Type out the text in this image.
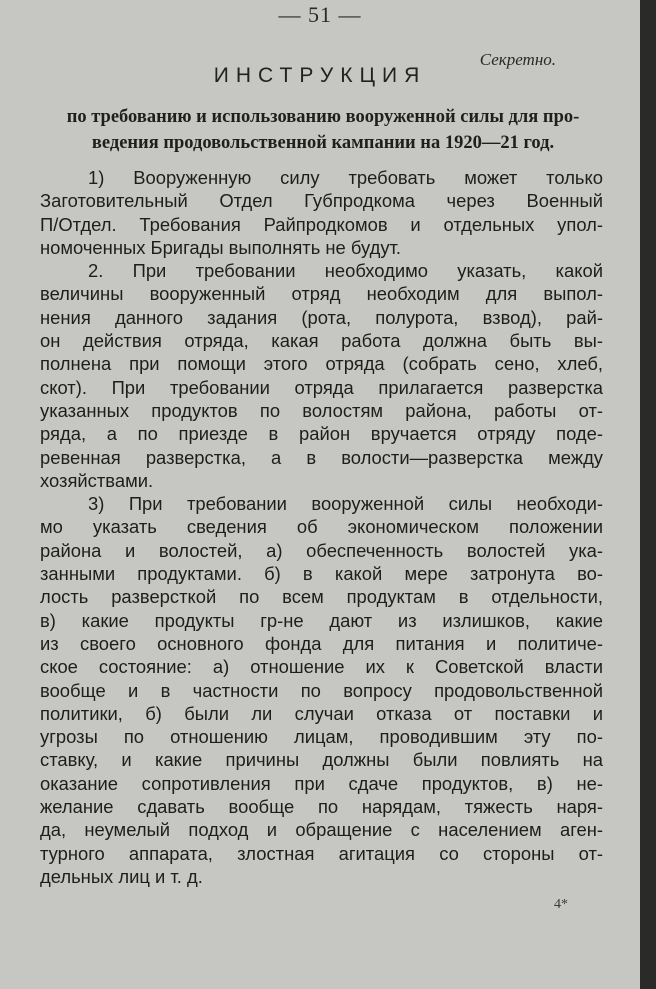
— 51 —
Секретно.
ИНСТРУКЦИЯ
по требованию и использованию вооруженной силы для про-
ведения продовольственной кампании на 1920—21 год.
1) Вооруженную силу требовать может только
Заготовительный Отдел Губпродкома через Военный
П/Отдел. Требования Райпродкомов и отдельных упол-
номоченных Бригады выполнять не будут.
2. При требовании необходимо указать, какой
величины вооруженный отряд необходим для выпол-
нения данного задания (рота, полурота, взвод), рай-
он действия отряда, какая работа должна быть вы-
полнена при помощи этого отряда (собрать сено, хлеб,
скот). При требовании отряда прилагается разверстка
указанных продуктов по волостям района, работы от-
ряда, а по приезде в район вручается отряду поде-
ревенная разверстка, а в волости—разверстка между
хозяйствами.
3) При требовании вооруженной силы необходи-
мо указать сведения об экономическом положении
района и волостей, а) обеспеченность волостей ука-
занными продуктами. б) в какой мере затронута во-
лость разверсткой по всем продуктам в отдельности,
в) какие продукты гр-не дают из излишков, какие
из своего основного фонда для питания и политиче-
ское состояние: а) отношение их к Советской власти
вообще и в частности по вопросу продовольственной
политики, б) были ли случаи отказа от поставки и
угрозы по отношению лицам, проводившим эту по-
ставку, и какие причины должны были повлиять на
оказание сопротивления при сдаче продуктов, в) не-
желание сдавать вообще по нарядам, тяжесть наря-
да, неумелый подход и обращение с населением аген-
турного аппарата, злостная агитация со стороны от-
дельных лиц и т. д.
4*
